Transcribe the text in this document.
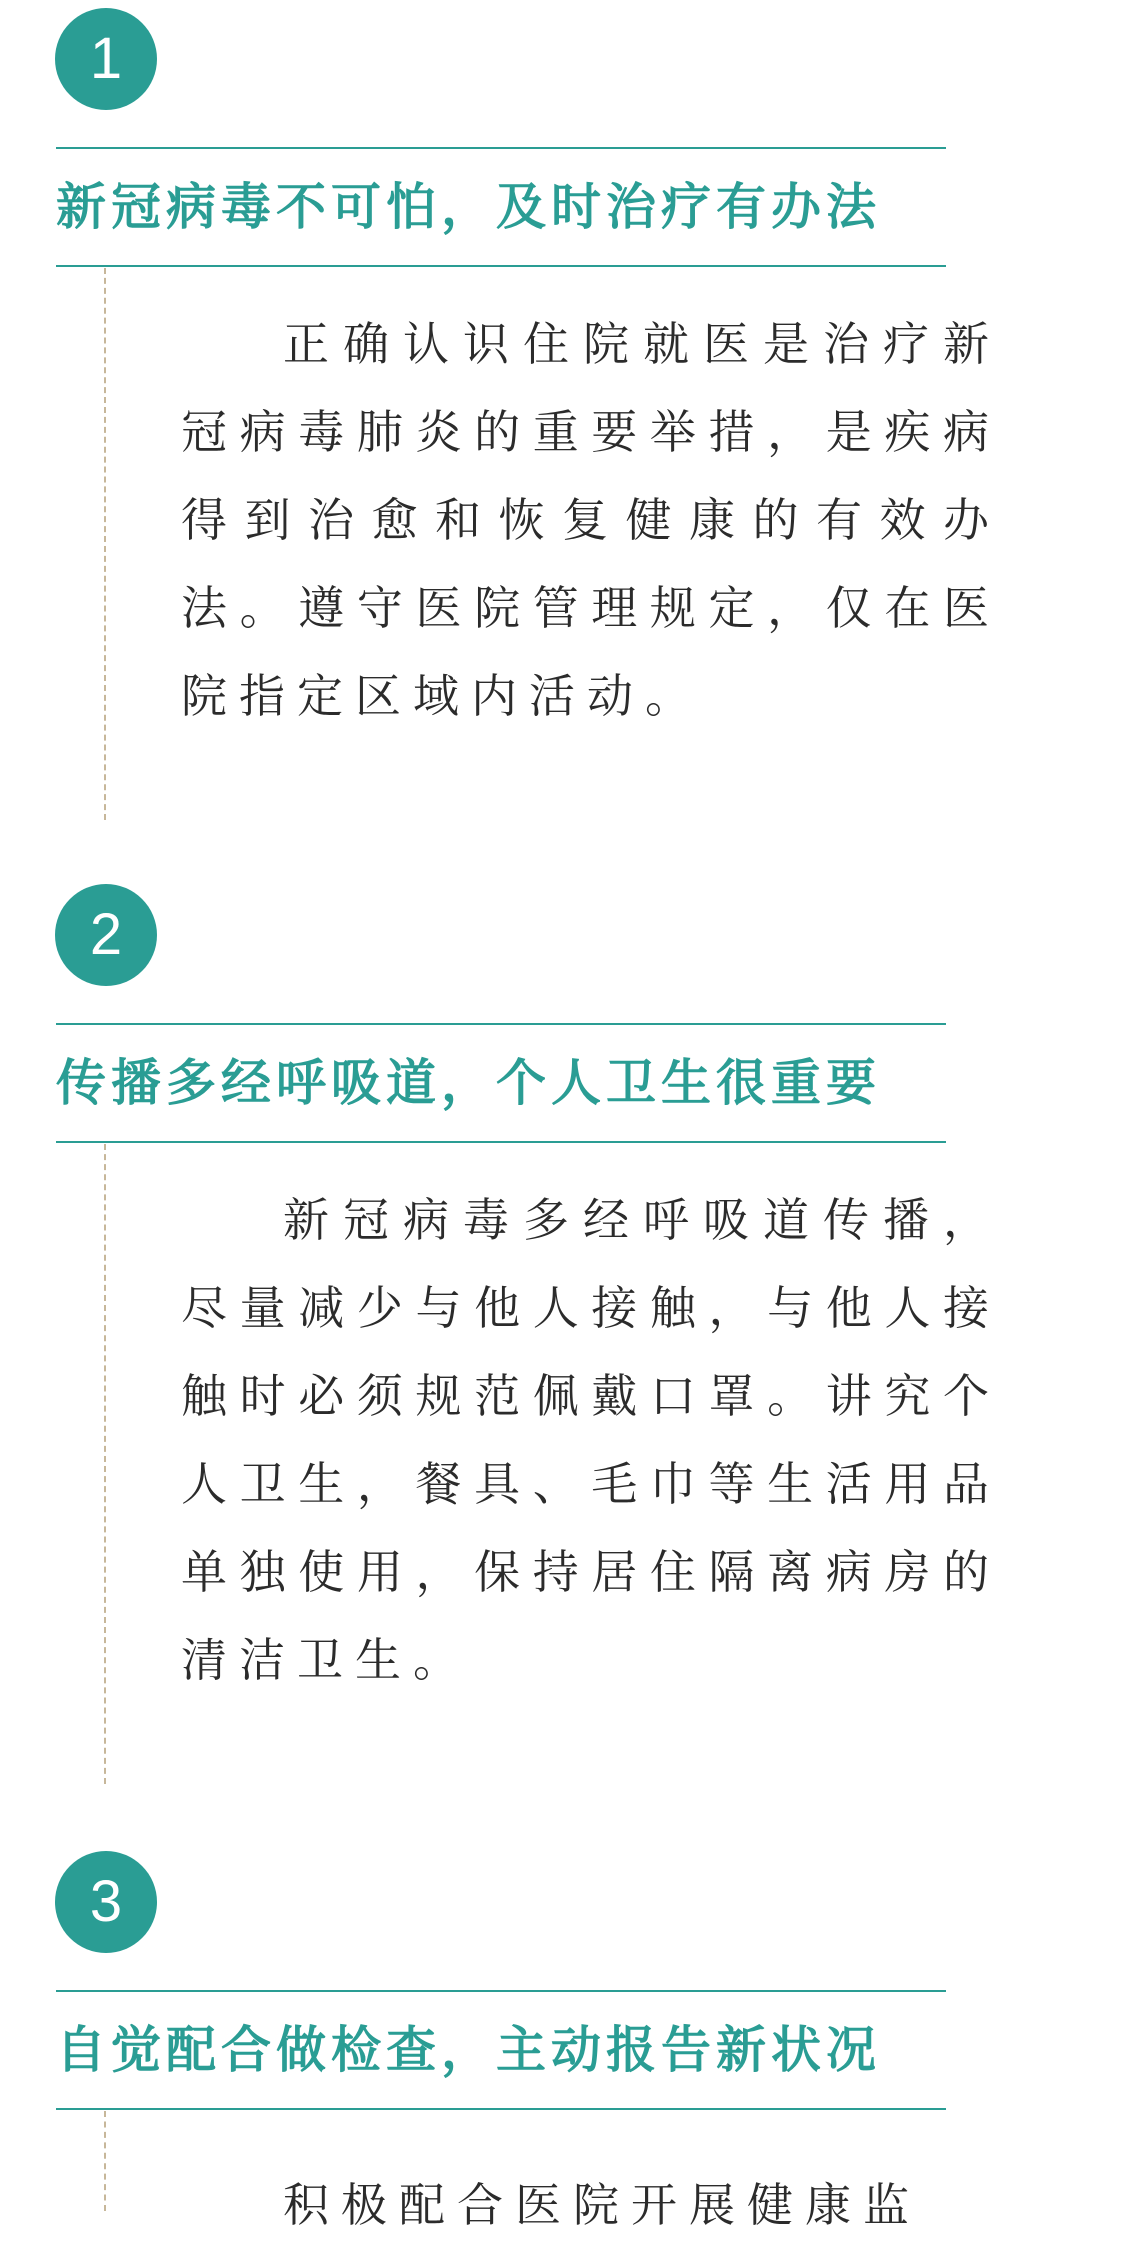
1
新冠病毒不可怕，及时治疗有办法

正确认识住院就医是治疗新冠病毒肺炎的重要举措，是疾病得到治愈和恢复健康的有效办法。遵守医院管理规定，仅在医院指定区域内活动。

2
传播多经呼吸道，个人卫生很重要

新冠病毒多经呼吸道传播，尽量减少与他人接触，与他人接触时必须规范佩戴口罩。讲究个人卫生，餐具、毛巾等生活用品单独使用，保持居住隔离病房的清洁卫生。

3
自觉配合做检查，主动报告新状况

积极配合医院开展健康监
